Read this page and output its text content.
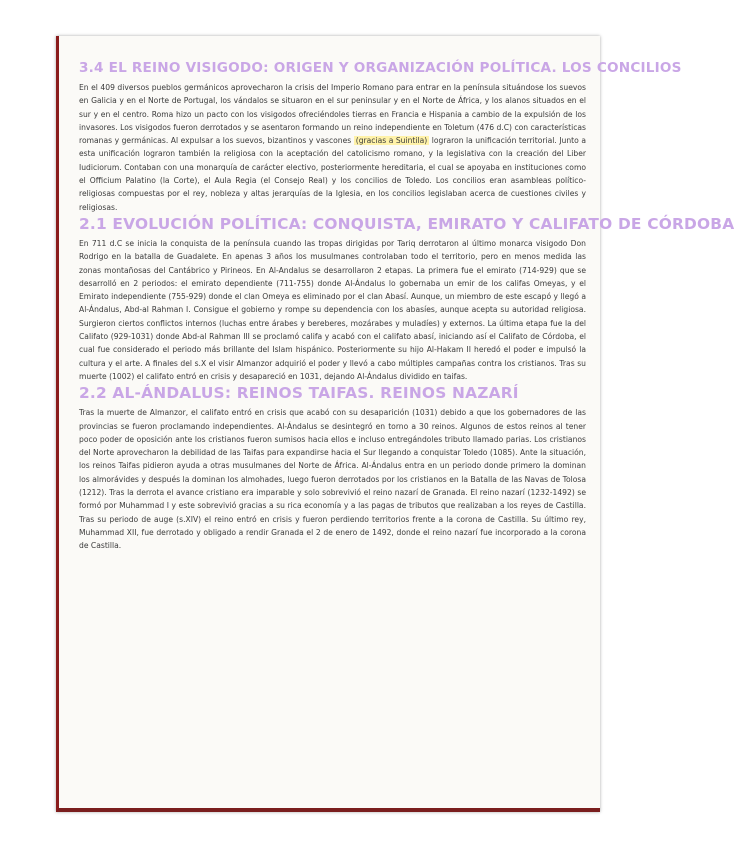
3.4 EL REINO VISIGODO: ORIGEN Y ORGANIZACIÓN POLÍTICA. LOS CONCILIOS

En el 409 diversos pueblos germánicos aprovecharon la crisis del Imperio Romano para entrar en la península situándose los suevos en Galicia y en el Norte de Portugal, los vándalos se situaron en el sur peninsular y en el Norte de África, y los alanos situados en el sur y en el centro. Roma hizo un pacto con los visigodos ofreciéndoles tierras en Francia e Hispania a cambio de la expulsión de los invasores. Los visigodos fueron derrotados y se asentaron formando un reino independiente en Toletum (476 d.C) con características romanas y germánicas. Al expulsar a los suevos, bizantinos y vascones (gracias a Suintila) lograron la unificación territorial. Junto a esta unificación lograron también la religiosa con la aceptación del catolicismo romano, y la legislativa con la creación del Liber Iudiciorum. Contaban con una monarquía de carácter electivo, posteriormente hereditaria, el cual se apoyaba en instituciones como el Officium Palatino (la Corte), el Aula Regia (el Consejo Real) y los concilios de Toledo. Los concilios eran asambleas político-religiosas compuestas por el rey, nobleza y altas jerarquías de la Iglesia, en los concilios legislaban acerca de cuestiones civiles y religiosas.

2.1 EVOLUCIÓN POLÍTICA: CONQUISTA, EMIRATO Y CALIFATO DE CÓRDOBA

En 711 d.C se inicia la conquista de la península cuando las tropas dirigidas por Tariq derrotaron al último monarca visigodo Don Rodrigo en la batalla de Guadalete. En apenas 3 años los musulmanes controlaban todo el territorio, pero en menos medida las zonas montañosas del Cantábrico y Pirineos. En Al-Andalus se desarrollaron 2 etapas. La primera fue el emirato (714-929) que se desarrolló en 2 periodos: el emirato dependiente (711-755) donde Al-Ándalus lo gobernaba un emir de los califas Omeyas, y el Emirato independiente (755-929) donde el clan Omeya es eliminado por el clan Abasí. Aunque, un miembro de este escapó y llegó a Al-Ándalus, Abd-al Rahman I. Consigue el gobierno y rompe su dependencia con los abasíes, aunque acepta su autoridad religiosa. Surgieron ciertos conflictos internos (luchas entre árabes y bereberes, mozárabes y muladíes) y externos. La última etapa fue la del Califato (929-1031) donde Abd-al Rahman III se proclamó califa y acabó con el califato abasí, iniciando así el Califato de Córdoba, el cual fue considerado el periodo más brillante del Islam hispánico. Posteriormente su hijo Al-Hakam II heredó el poder e impulsó la cultura y el arte. A finales del s.X el visir Almanzor adquirió el poder y llevó a cabo múltiples campañas contra los cristianos. Tras su muerte (1002) el califato entró en crisis y desapareció en 1031, dejando Al-Ándalus dividido en taifas.

2.2 AL-ÁNDALUS: REINOS TAIFAS. REINOS NAZARÍ

Tras la muerte de Almanzor, el califato entró en crisis que acabó con su desaparición (1031) debido a que los gobernadores de las provincias se fueron proclamando independientes. Al-Ándalus se desintegró en torno a 30 reinos. Algunos de estos reinos al tener poco poder de oposición ante los cristianos fueron sumisos hacia ellos e incluso entregándoles tributo llamado parias. Los cristianos del Norte aprovecharon la debilidad de las Taifas para expandirse hacia el Sur llegando a conquistar Toledo (1085). Ante la situación, los reinos Taifas pidieron ayuda a otras musulmanes del Norte de África. Al-Ándalus entra en un periodo donde primero la dominan los almorávides y después la dominan los almohades, luego fueron derrotados por los cristianos en la Batalla de las Navas de Tolosa (1212). Tras la derrota el avance cristiano era imparable y solo sobrevivió el reino nazarí de Granada. El reino nazarí (1232-1492) se formó por Muhammad I y este sobrevivió gracias a su rica economía y a las pagas de tributos que realizaban a los reyes de Castilla. Tras su periodo de auge (s.XIV) el reino entró en crisis y fueron perdiendo territorios frente a la corona de Castilla. Su último rey, Muhammad XII, fue derrotado y obligado a rendir Granada el 2 de enero de 1492, donde el reino nazarí fue incorporado a la corona de Castilla.
